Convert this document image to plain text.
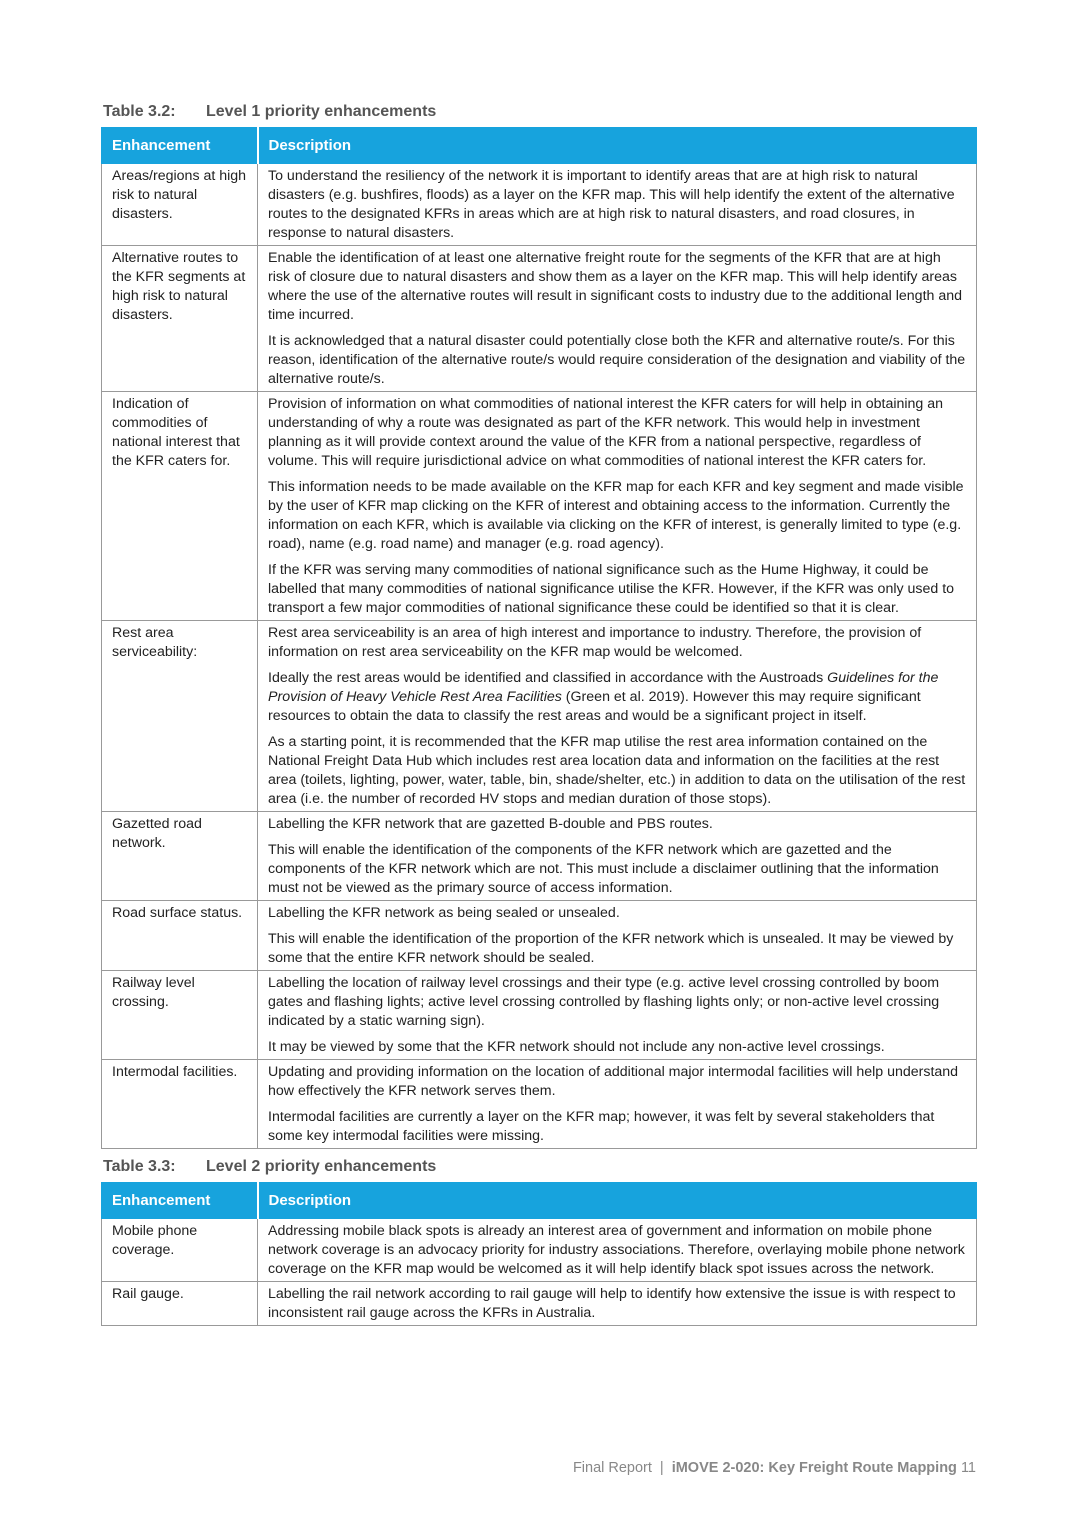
Table 3.2: Level 1 priority enhancements
Enhancement	Description
Areas/regions at high risk to natural disasters.	To understand the resiliency of the network it is important to identify areas that are at high risk to natural disasters (e.g. bushfires, floods) as a layer on the KFR map. This will help identify the extent of the alternative routes to the designated KFRs in areas which are at high risk to natural disasters, and road closures, in response to natural disasters.

Alternative routes to the KFR segments at high risk to natural disasters.	Enable the identification of at least one alternative freight route for the segments of the KFR that are at high risk of closure due to natural disasters and show them as a layer on the KFR map. This will help identify areas where the use of the alternative routes will result in significant costs to industry due to the additional length and time incurred.

It is acknowledged that a natural disaster could potentially close both the KFR and alternative route/s. For this reason, identification of the alternative route/s would require consideration of the designation and viability of the alternative route/s.

Indication of commodities of national interest that the KFR caters for.	Provision of information on what commodities of national interest the KFR caters for will help in obtaining an understanding of why a route was designated as part of the KFR network. This would help in investment planning as it will provide context around the value of the KFR from a national perspective, regardless of volume. This will require jurisdictional advice on what commodities of national interest the KFR caters for.

This information needs to be made available on the KFR map for each KFR and key segment and made visible by the user of KFR map clicking on the KFR of interest and obtaining access to the information. Currently the information on each KFR, which is available via clicking on the KFR of interest, is generally limited to type (e.g. road), name (e.g. road name) and manager (e.g. road agency).

If the KFR was serving many commodities of national significance such as the Hume Highway, it could be labelled that many commodities of national significance utilise the KFR. However, if the KFR was only used to transport a few major commodities of national significance these could be identified so that it is clear.

Rest area serviceability:	Rest area serviceability is an area of high interest and importance to industry. Therefore, the provision of information on rest area serviceability on the KFR map would be welcomed.

Ideally the rest areas would be identified and classified in accordance with the Austroads Guidelines for the Provision of Heavy Vehicle Rest Area Facilities (Green et al. 2019). However this may require significant resources to obtain the data to classify the rest areas and would be a significant project in itself.

As a starting point, it is recommended that the KFR map utilise the rest area information contained on the National Freight Data Hub which includes rest area location data and information on the facilities at the rest area (toilets, lighting, power, water, table, bin, shade/shelter, etc.) in addition to data on the utilisation of the rest area (i.e. the number of recorded HV stops and median duration of those stops).

Gazetted road network.	Labelling the KFR network that are gazetted B-double and PBS routes.

This will enable the identification of the components of the KFR network which are gazetted and the components of the KFR network which are not. This must include a disclaimer outlining that the information must not be viewed as the primary source of access information.

Road surface status.	Labelling the KFR network as being sealed or unsealed.

This will enable the identification of the proportion of the KFR network which is unsealed. It may be viewed by some that the entire KFR network should be sealed.

Railway level crossing.	Labelling the location of railway level crossings and their type (e.g. active level crossing controlled by boom gates and flashing lights; active level crossing controlled by flashing lights only; or non-active level crossing indicated by a static warning sign).

It may be viewed by some that the KFR network should not include any non-active level crossings.

Intermodal facilities.	Updating and providing information on the location of additional major intermodal facilities will help understand how effectively the KFR network serves them.

Intermodal facilities are currently a layer on the KFR map; however, it was felt by several stakeholders that some key intermodal facilities were missing.

Table 3.3: Level 2 priority enhancements
Enhancement	Description
Mobile phone coverage.	Addressing mobile black spots is already an interest area of government and information on mobile phone network coverage is an advocacy priority for industry associations. Therefore, overlaying mobile phone network coverage on the KFR map would be welcomed as it will help identify black spot issues across the network.

Rail gauge.	Labelling the rail network according to rail gauge will help to identify how extensive the issue is with respect to inconsistent rail gauge across the KFRs in Australia.

Final Report | iMOVE 2-020: Key Freight Route Mapping 11
